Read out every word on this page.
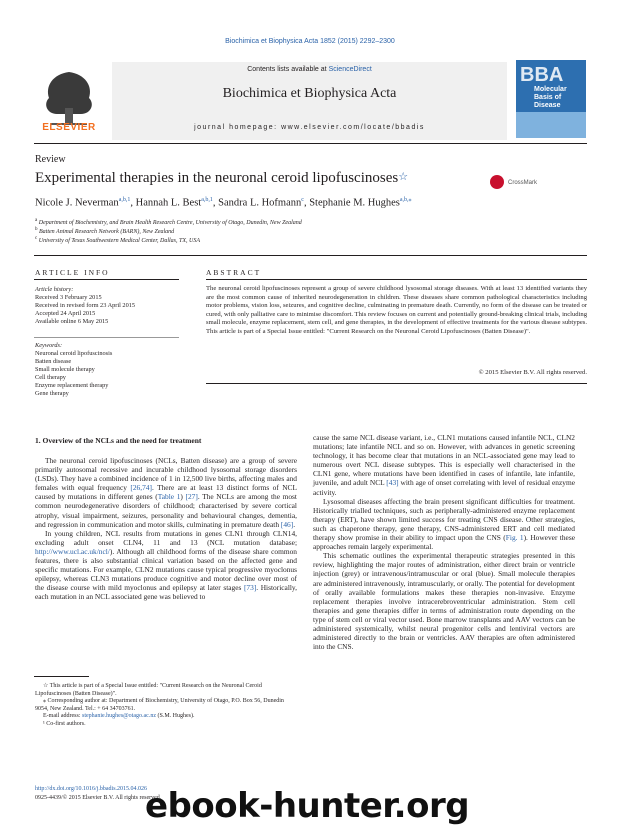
Biochimica et Biophysica Acta 1852 (2015) 2292–2300
ELSEVIER
Contents lists available at ScienceDirect
Biochimica et Biophysica Acta
journal homepage: www.elsevier.com/locate/bbadis
BBA
Molecular Basis of Disease
Review
Experimental therapies in the neuronal ceroid lipofuscinoses☆	CrossMark
Nicole J. Neverman$^{a,b,1}$, Hannah L. Best$^{a,b,1}$, Sandra L. Hofmann$^c$, Stephanie M. Hughes$^{a,b,⁎}$
$^a$ Department of Biochemistry, and Brain Health Research Centre, University of Otago, Dunedin, New Zealand
$^b$ Batten Animal Research Network (BARN), New Zealand
$^c$ University of Texas Southwestern Medical Center, Dallas, TX, USA
ARTICLE INFO	ABSTRACT
Article history:
Received 3 February 2015
Received in revised form 23 April 2015
Accepted 24 April 2015
Available online 6 May 2015
Keywords:
Neuronal ceroid lipofuscinosis
Batten disease
Small molecule therapy
Cell therapy
Enzyme replacement therapy
Gene therapy
The neuronal ceroid lipofuscinoses represent a group of severe childhood lysosomal storage diseases. With at least 13 identified variants they are the most common cause of inherited neurodegeneration in children. These diseases share common pathological characteristics including motor problems, vision loss, seizures, and cognitive decline, culminating in premature death. Currently, no form of the disease can be treated or cured, with only palliative care to minimise discomfort. This review focuses on current and potentially ground-breaking clinical trials, including small molecule, enzyme replacement, stem cell, and gene therapies, in the development of effective treatments for the various disease subtypes. This article is part of a Special Issue entitled: "Current Research on the Neuronal Ceroid Lipofuscinoses (Batten Disease)".
© 2015 Elsevier B.V. All rights reserved.
1. Overview of the NCLs and the need for treatment

The neuronal ceroid lipofuscinoses (NCLs, Batten disease) are a group of severe primarily autosomal recessive and incurable childhood lysosomal storage disorders (LSDs). They have a combined incidence of 1 in 12,500 live births, affecting males and females with equal frequency [26,74]. There are at least 13 distinct forms of NCL caused by mutations in different genes (Table 1) [27]. The NCLs are among the most common neurodegenerative disorders of childhood; characterised by severe cortical atrophy, visual impairment, seizures, personality and behavioural changes, dementia, and regression in communication and motor skills, culminating in premature death [46].

In young children, NCL results from mutations in genes CLN1 through CLN14, excluding adult onset CLN4, 11 and 13 (NCL mutation database; http://www.ucl.ac.uk/ncl/). Although all childhood forms of the disease share common features, there is also substantial clinical variation based on the affected gene and specific mutations. For example, CLN2 mutations cause typical progressive myoclonus epilepsy, whereas CLN3 mutations produce cognitive and motor decline over most of the disease course with mild myoclonus and epilepsy at later stages [73]. Historically, each mutation in an NCL associated gene was believed to

cause the same NCL disease variant, i.e., CLN1 mutations caused infantile NCL, CLN2 mutations; late infantile NCL and so on. However, with advances in genetic screening technology, it has become clear that mutations in an NCL-associated gene may lead to numerous overt NCL disease subtypes. This is especially well characterised in the CLN1 gene, where mutations have been identified in cases of infantile, late infantile, juvenile, and adult NCL [43] with age of onset correlating with level of residual enzyme activity.

Lysosomal diseases affecting the brain present significant difficulties for treatment. Historically trialled techniques, such as peripherally-administered enzyme replacement therapy (ERT), have shown limited success for treating CNS disease. Other strategies, such as chaperone therapy, gene therapy, CNS-administered ERT and cell mediated therapy show promise in their ability to impact upon the CNS (Fig. 1). However these approaches remain largely experimental.

This schematic outlines the experimental therapeutic strategies presented in this review, highlighting the major routes of administration, either direct brain or ventricle injection (grey) or intravenous/intramuscular or oral (blue). Small molecule therapies are administered intravenously, intramuscularly, or orally. The potential for development of orally available formulations makes these therapies non-invasive. Enzyme replacement therapies involve intracerebroventricular administration. Stem cell therapies and gene therapies differ in terms of administration route depending on the type of stem cell or viral vector used. Bone marrow transplants and AAV vectors can be administered systemically, whilst neural progenitor cells and lentiviral vectors are administered directly to the brain or ventricles. AAV therapies are often administered into the CNS.

☆ This article is part of a Special Issue entitled: "Current Research on the Neuronal Ceroid Lipofuscinoses (Batten Disease)".
⁎ Corresponding author at: Department of Biochemistry, University of Otago, P.O. Box 56, Dunedin 9054, New Zealand. Tel.: + 64 34703761.
E-mail address: stephanie.hughes@otago.ac.nz (S.M. Hughes).
¹ Co-first authors.
http://dx.doi.org/10.1016/j.bbadis.2015.04.026
0925-4439/© 2015 Elsevier B.V. All rights reserved.
ebook-hunter.org
